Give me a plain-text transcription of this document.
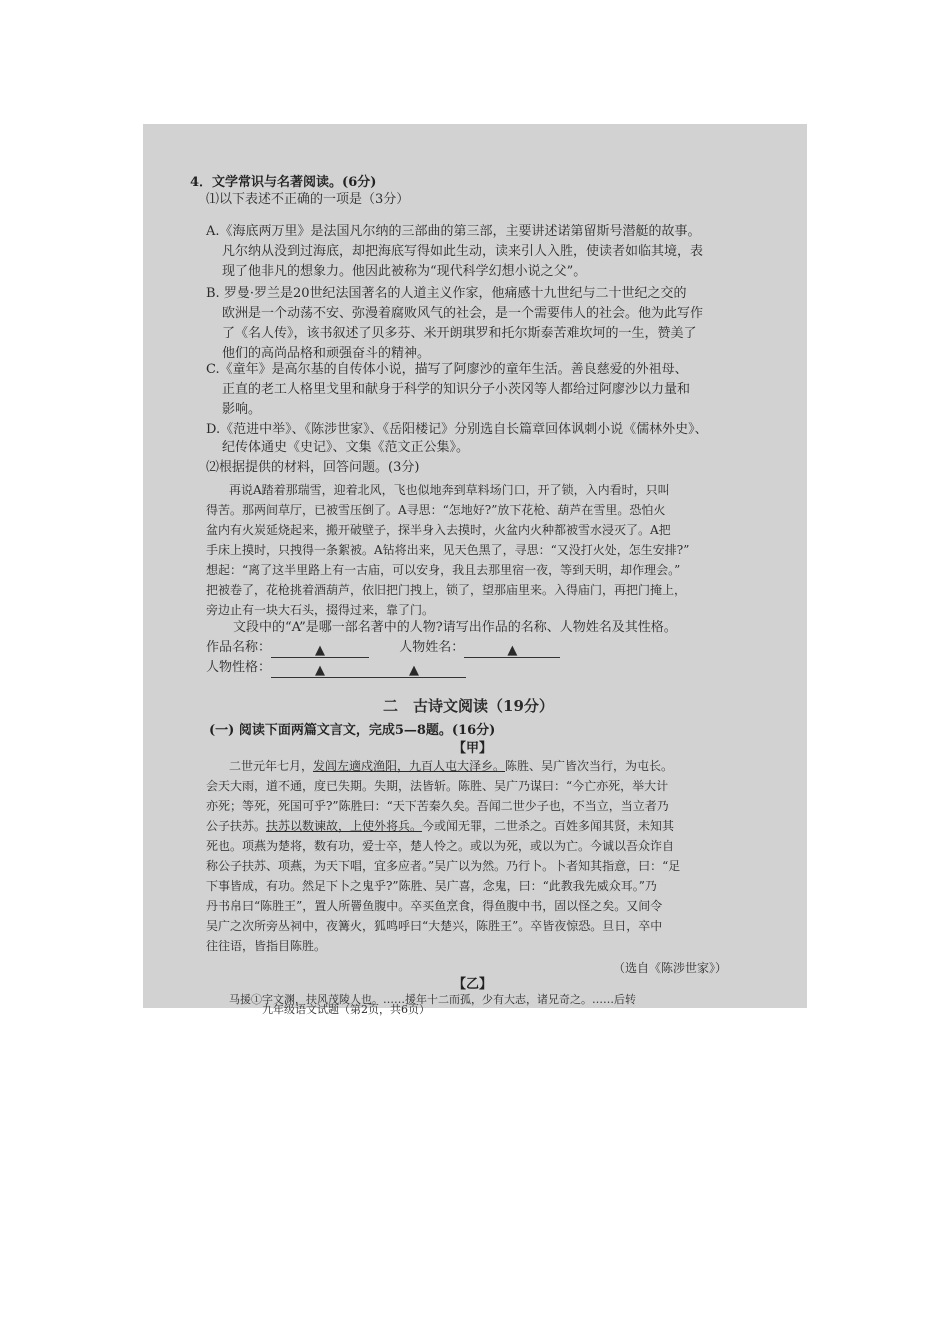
4．文学常识与名著阅读。(6分)
⑴以下表述不正确的一项是（3分）
A.《海底两万里》是法国凡尔纳的三部曲的第三部，主要讲述诺第留斯号潜艇的故事。
凡尔纳从没到过海底，却把海底写得如此生动，读来引人入胜，使读者如临其境，表
现了他非凡的想象力。他因此被称为“现代科学幻想小说之父”。
B. 罗曼·罗兰是20世纪法国著名的人道主义作家，他痛感十九世纪与二十世纪之交的
欧洲是一个动荡不安、弥漫着腐败风气的社会，是一个需要伟人的社会。他为此写作
了《名人传》，该书叙述了贝多芬、米开朗琪罗和托尔斯泰苦难坎坷的一生，赞美了
他们的高尚品格和顽强奋斗的精神。
C.《童年》是高尔基的自传体小说，描写了阿廖沙的童年生活。善良慈爱的外祖母、
正直的老工人格里戈里和献身于科学的知识分子小茨冈等人都给过阿廖沙以力量和
影响。
D.《范进中举》、《陈涉世家》、《岳阳楼记》分别选自长篇章回体讽刺小说《儒林外史》、
纪传体通史《史记》、文集《范文正公集》。
⑵根据提供的材料，回答问题。(3分)
再说A踏着那瑞雪，迎着北风，飞也似地奔到草料场门口，开了锁，入内看时，只叫
得苦。那两间草厅，已被雪压倒了。A寻思：“怎地好?”放下花枪、葫芦在雪里。恐怕火
盆内有火炭延烧起来，搬开破壁子，探半身入去摸时，火盆内火种都被雪水浸灭了。A把
手床上摸时，只拽得一条絮被。A钻将出来，见天色黑了，寻思：“又没打火处，怎生安排?”
想起：“离了这半里路上有一古庙，可以安身，我且去那里宿一夜，等到天明，却作理会。”
把被卷了，花枪挑着酒葫芦，依旧把门拽上，锁了，望那庙里来。入得庙门，再把门掩上，
旁边止有一块大石头，掇得过来，靠了门。
文段中的“A”是哪一部名著中的人物?请写出作品的名称、人物姓名及其性格。
作品名称：	▲	人物姓名：	▲
人物性格：	▲	▲
二　古诗文阅读（19分）
(一) 阅读下面两篇文言文，完成5—8题。(16分)
【甲】
二世元年七月，发闾左適戍渔阳，九百人屯大泽乡。陈胜、吴广皆次当行，为屯长。
会天大雨，道不通，度已失期。失期，法皆斩。陈胜、吴广乃谋曰：“今亡亦死，举大计
亦死；等死，死国可乎?”陈胜曰：“天下苦秦久矣。吾闻二世少子也，不当立，当立者乃
公子扶苏。扶苏以数谏故，上使外将兵。今或闻无罪，二世杀之。百姓多闻其贤，未知其
死也。项燕为楚将，数有功，爱士卒，楚人怜之。或以为死，或以为亡。今诚以吾众诈自
称公子扶苏、项燕，为天下唱，宜多应者。”吴广以为然。乃行卜。卜者知其指意，曰：“足
下事皆成，有功。然足下卜之鬼乎?”陈胜、吴广喜，念鬼，曰：“此教我先威众耳。”乃
丹书帛曰“陈胜王”，置人所罾鱼腹中。卒买鱼烹食，得鱼腹中书，固以怪之矣。又间令
吴广之次所旁丛祠中，夜篝火，狐鸣呼曰“大楚兴，陈胜王”。卒皆夜惊恐。旦日，卒中
往往语，皆指目陈胜。
（选自《陈涉世家》）
【乙】
马援①字文渊，扶风茂陵人也。……援年十二而孤，少有大志，诸兄奇之。……后转
九年级语文试题（第2页，共6页）
